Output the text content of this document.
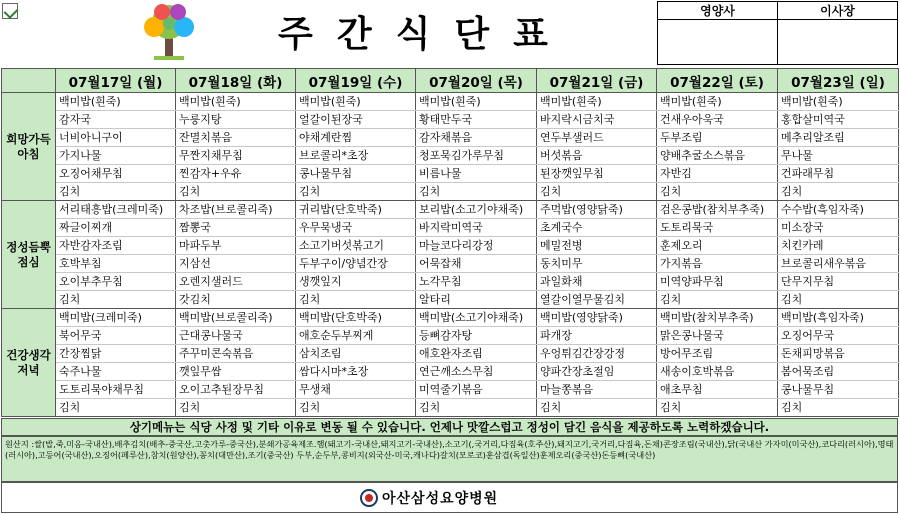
주간식단표
영양사	이사장

	07월17일 (월)	07월18일 (화)	07월19일 (수)	07월20일 (목)	07월21일 (금)	07월22일 (토)	07월23일 (일)

희망가득
아침	백미밥(흰죽)	백미밥(흰죽)	백미밥(흰죽)	백미밥(흰죽)	백미밥(흰죽)	백미밥(흰죽)	백미밥(흰죽)
	감자국	누룽지탕	얼갈이된장국	황태만두국	바지락시금치국	건새우아욱국	홍합살미역국
	너비아니구이	잔멸치볶음	야채계란찜	감자채볶음	연두부샐러드	두부조림	메추리알조림
	가지나물	무짠지채무침	브로콜리*초장	청포묵김가루무침	버섯볶음	양배추굴소스볶음	무나물
	오징어채무침	찐감자+우유	콩나물무침	비름나물	된장깻잎무침	자반김	건파래무침
	김치	김치	김치	김치	김치	김치	김치

정성듬뿍
점심	서리태흥밥(크레미죽)	차조밥(브로콜리죽)	귀리밥(단호박죽)	보리밥(소고기야채죽)	주먹밥(영양닭죽)	검은콩밥(참치부추죽)	수수밥(흑임자죽)
	짜글이찌개	짬뽕국	우무묵냉국	바지락미역국	초계국수	도토리묵국	미소장국
	자반감자조림	마파두부	소고기버섯볶고기	마늘코다리강정	메밀전병	훈제오리	치킨카레
	호박부침	지삼선	두부구이/양념간장	어묵잡채	동치미무	가지볶음	브로콜리새우볶음
	오이부추무침	오렌지샐러드	생깻잎지	노각무침	과일화채	미역양파무침	단무지무침
	김치	갓김치	김치	알타리	열갈이열무물김치	김치	김치

건강생각
저녁	백미밥(크레미죽)	백미밥(브로콜리죽)	백미밥(단호박죽)	백미밥(소고기야채죽)	백미밥(영양닭죽)	백미밥(참치부추죽)	백미밥(흑임자죽)
	북어무국	근대콩나물국	애호순두부찌게	등뼈감자탕	파개장	맑은콩나물국	오징어무국
	간장찜닭	주꾸미콘숙볶음	삼치조림	애호완자조림	우엉튀김간장강정	방어무조림	돈채피망볶음
	숙주나물	깻잎무쌈	쌈다시마*초장	연근깨소스무침	양파간장초절임	새송이호박볶음	봄어묵조림
	도토리묵야채무침	오이고추된장무침	무생채	미역줄기볶음	마늘쫑볶음	애초무침	콩나물무침
	김치	김치	김치	김치	김치	김치	김치
상기메뉴는 식당 사정 및 기타 이유로 변동 될 수 있습니다. 언제나 맛깔스럽고 정성이 담긴 음식을 제공하도록 노력하겠습니다.
원산지 :쌀(밥,죽,미음-국내산),배추김치(배추-중국산,고춧가루-중국산),분쇄가공육제조.햄(돼고기-국내산,돼지고기-국내산),소고기(,국거리,다짐육(호주산),돼지고기,국거리,다짐육,돈채)콘장조림(국내산),닭(국내산 가자미(미국산),코다리(러시아),명태(러시아),고등어(국내산),오징어(페루산),참치(원양산),꽁치(대만산),조기(중국산) 두부,순두부,콩비지(외국산-미국,캐나다)갈치(모로코)훈삼겹(독일산)훈제오리(중국산)돈등뼈(국내산)
아산삼성요양병원
